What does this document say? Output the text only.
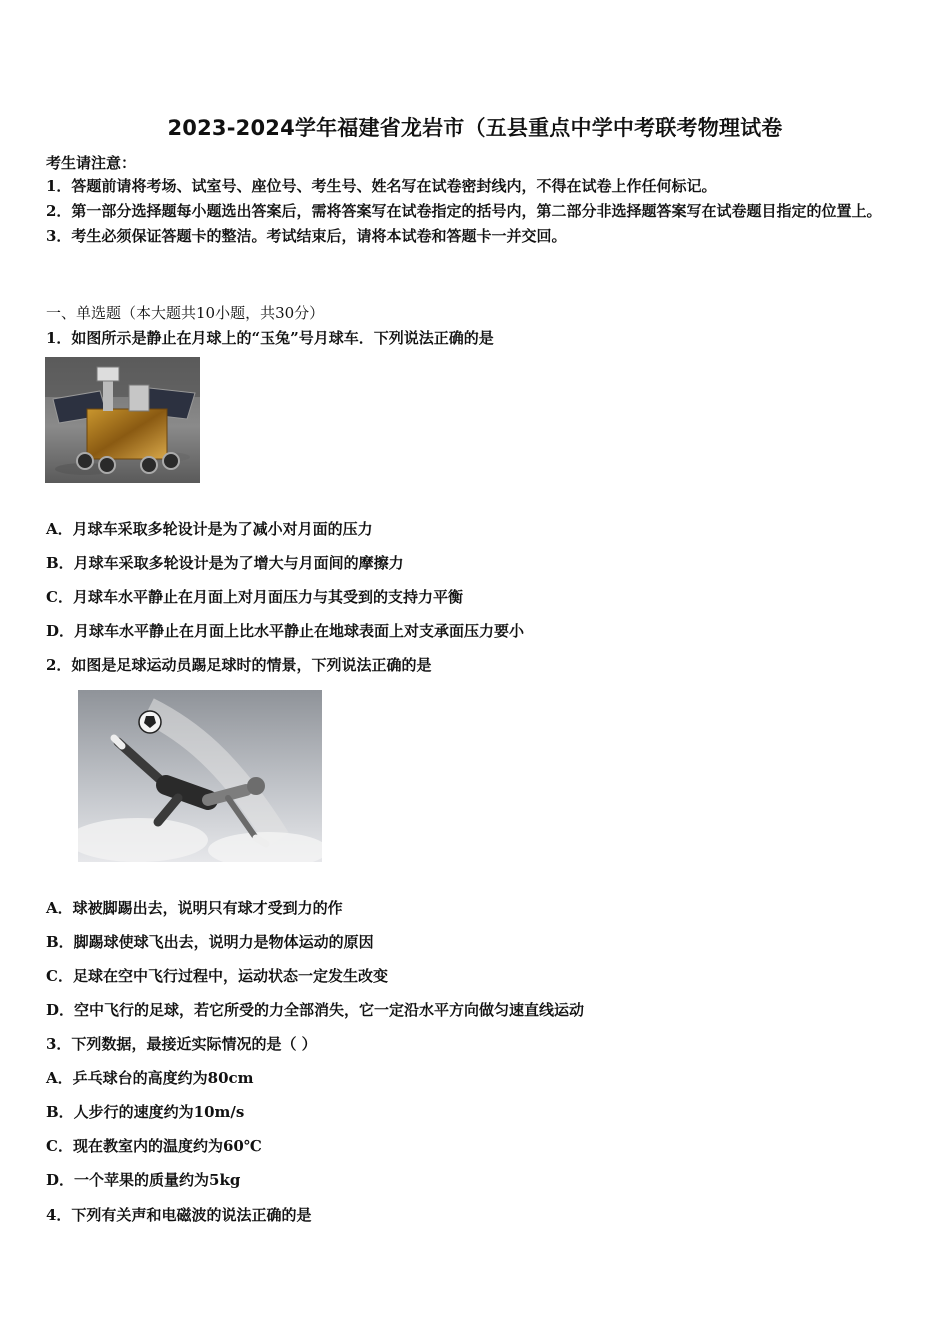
2023-2024学年福建省龙岩市（五县重点中学中考联考物理试卷
考生请注意：
1．答题前请将考场、试室号、座位号、考生号、姓名写在试卷密封线内，不得在试卷上作任何标记。
2．第一部分选择题每小题选出答案后，需将答案写在试卷指定的括号内，第二部分非选择题答案写在试卷题目指定的位置上。
3．考生必须保证答题卡的整洁。考试结束后，请将本试卷和答题卡一并交回。
一、单选题（本大题共10小题，共30分）
1．如图所示是静止在月球上的“玉兔”号月球车．下列说法正确的是
A．月球车采取多轮设计是为了减小对月面的压力
B．月球车采取多轮设计是为了增大与月面间的摩擦力
C．月球车水平静止在月面上对月面压力与其受到的支持力平衡
D．月球车水平静止在月面上比水平静止在地球表面上对支承面压力要小
2．如图是足球运动员踢足球时的情景，下列说法正确的是
A．球被脚踢出去，说明只有球才受到力的作
B．脚踢球使球飞出去，说明力是物体运动的原因
C．足球在空中飞行过程中，运动状态一定发生改变
D．空中飞行的足球，若它所受的力全部消失，它一定沿水平方向做匀速直线运动
3．下列数据，最接近实际情况的是（ ）
A．乒乓球台的高度约为80cm
B．人步行的速度约为10m/s
C．现在教室内的温度约为60℃
D．一个苹果的质量约为5kg
4．下列有关声和电磁波的说法正确的是
